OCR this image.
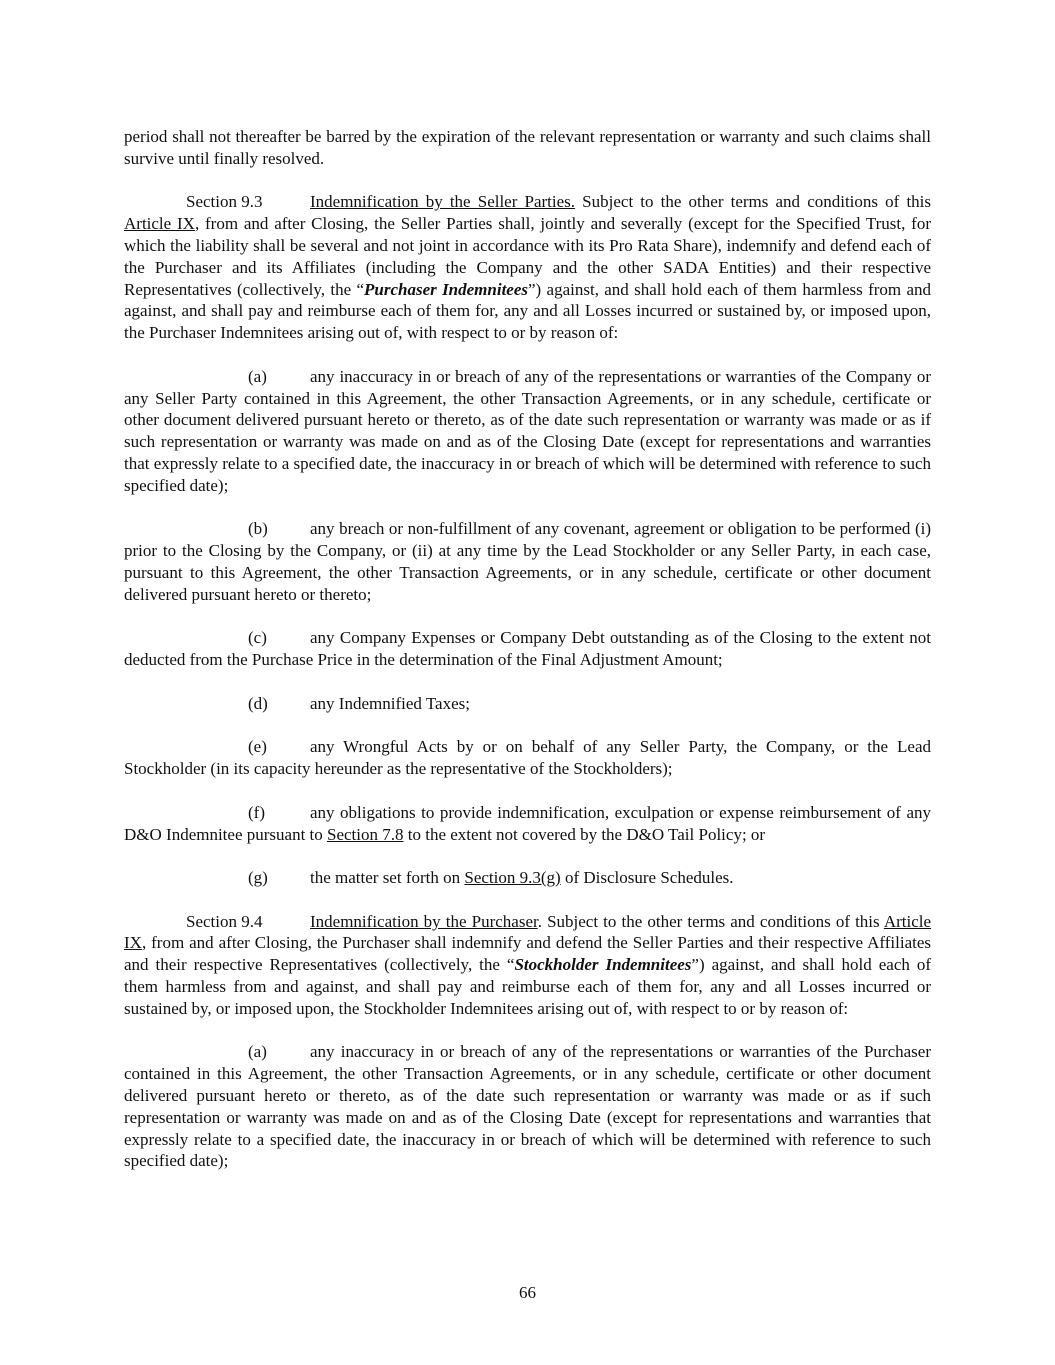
period shall not thereafter be barred by the expiration of the relevant representation or warranty and such claims shall survive until finally resolved.

Section 9.3	Indemnification by the Seller Parties. Subject to the other terms and conditions of this Article IX, from and after Closing, the Seller Parties shall, jointly and severally (except for the Specified Trust, for which the liability shall be several and not joint in accordance with its Pro Rata Share), indemnify and defend each of the Purchaser and its Affiliates (including the Company and the other SADA Entities) and their respective Representatives (collectively, the “Purchaser Indemnitees”) against, and shall hold each of them harmless from and against, and shall pay and reimburse each of them for, any and all Losses incurred or sustained by, or imposed upon, the Purchaser Indemnitees arising out of, with respect to or by reason of:

(a)	any inaccuracy in or breach of any of the representations or warranties of the Company or any Seller Party contained in this Agreement, the other Transaction Agreements, or in any schedule, certificate or other document delivered pursuant hereto or thereto, as of the date such representation or warranty was made or as if such representation or warranty was made on and as of the Closing Date (except for representations and warranties that expressly relate to a specified date, the inaccuracy in or breach of which will be determined with reference to such specified date);

(b) any breach or non-fulfillment of any covenant, agreement or obligation to be performed (i) prior to the Closing by the Company, or (ii) at any time by the Lead Stockholder or any Seller Party, in each case, pursuant to this Agreement, the other Transaction Agreements, or in any schedule, certificate or other document delivered pursuant hereto or thereto;

(c)	any Company Expenses or Company Debt outstanding as of the Closing to the extent not deducted from the Purchase Price in the determination of the Final Adjustment Amount;

(d) any Indemnified Taxes;

(e)	any Wrongful Acts by or on behalf of any Seller Party, the Company, or the Lead Stockholder (in its capacity hereunder as the representative of the Stockholders);

(f)	any obligations to provide indemnification, exculpation or expense reimbursement of any D&O Indemnitee pursuant to Section 7.8 to the extent not covered by the D&O Tail Policy; or

(g) the matter set forth on Section 9.3(g) of Disclosure Schedules.

Section 9.4	Indemnification by the Purchaser. Subject to the other terms and conditions of this Article IX, from and after Closing, the Purchaser shall indemnify and defend the Seller Parties and their respective Affiliates and their respective Representatives (collectively, the “Stockholder Indemnitees”) against, and shall hold each of them harmless from and against, and shall pay and reimburse each of them for, any and all Losses incurred or sustained by, or imposed upon, the Stockholder Indemnitees arising out of, with respect to or by reason of:

(a)	any inaccuracy in or breach of any of the representations or warranties of the Purchaser contained in this Agreement, the other Transaction Agreements, or in any schedule, certificate or other document delivered pursuant hereto or thereto, as of the date such representation or warranty was made or as if such representation or warranty was made on and as of the Closing Date (except for representations and warranties that expressly relate to a specified date, the inaccuracy in or breach of which will be determined with reference to such specified date);

66
